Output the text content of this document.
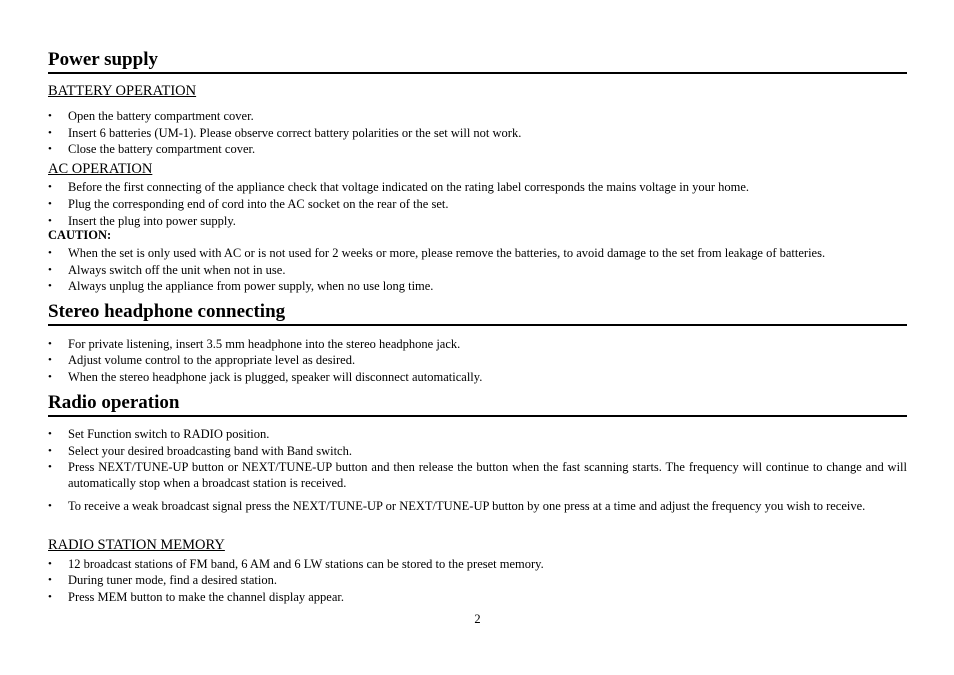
Power supply
BATTERY OPERATION
•	Open the battery compartment cover.
•	Insert 6 batteries (UM-1). Please observe correct battery polarities or the set will not work.
•	Close the battery compartment cover.
AC OPERATION
•	Before the first connecting of the appliance check that voltage indicated on the rating label corresponds the mains voltage in your home.
•	Plug the corresponding end of cord into the AC socket on the rear of the set.
•	Insert the plug into power supply.
CAUTION:
•	When the set is only used with AC or is not used for 2 weeks or more, please remove the batteries, to avoid damage to the set from leakage of batteries.
•	Always switch off the unit when not in use.
•	Always unplug the appliance from power supply, when no use long time.
Stereo headphone connecting
•	For private listening, insert 3.5 mm headphone into the stereo headphone jack.
•	Adjust volume control to the appropriate level as desired.
•	When the stereo headphone jack is plugged, speaker will disconnect automatically.
Radio operation
•	Set Function switch to RADIO position.
•	Select your desired broadcasting band with Band switch.
•	Press NEXT/TUNE-UP button or NEXT/TUNE-UP button and then release the button when the fast scanning starts. The frequency will continue to change and will automatically stop when a broadcast station is received.
•	To receive a weak broadcast signal press the NEXT/TUNE-UP or NEXT/TUNE-UP button by one press at a time and adjust the frequency you wish to receive.
RADIO STATION MEMORY
•	12 broadcast stations of FM band, 6 AM and 6 LW stations can be stored to the preset memory.
•	During tuner mode, find a desired station.
•	Press MEM button to make the channel display appear.
2
